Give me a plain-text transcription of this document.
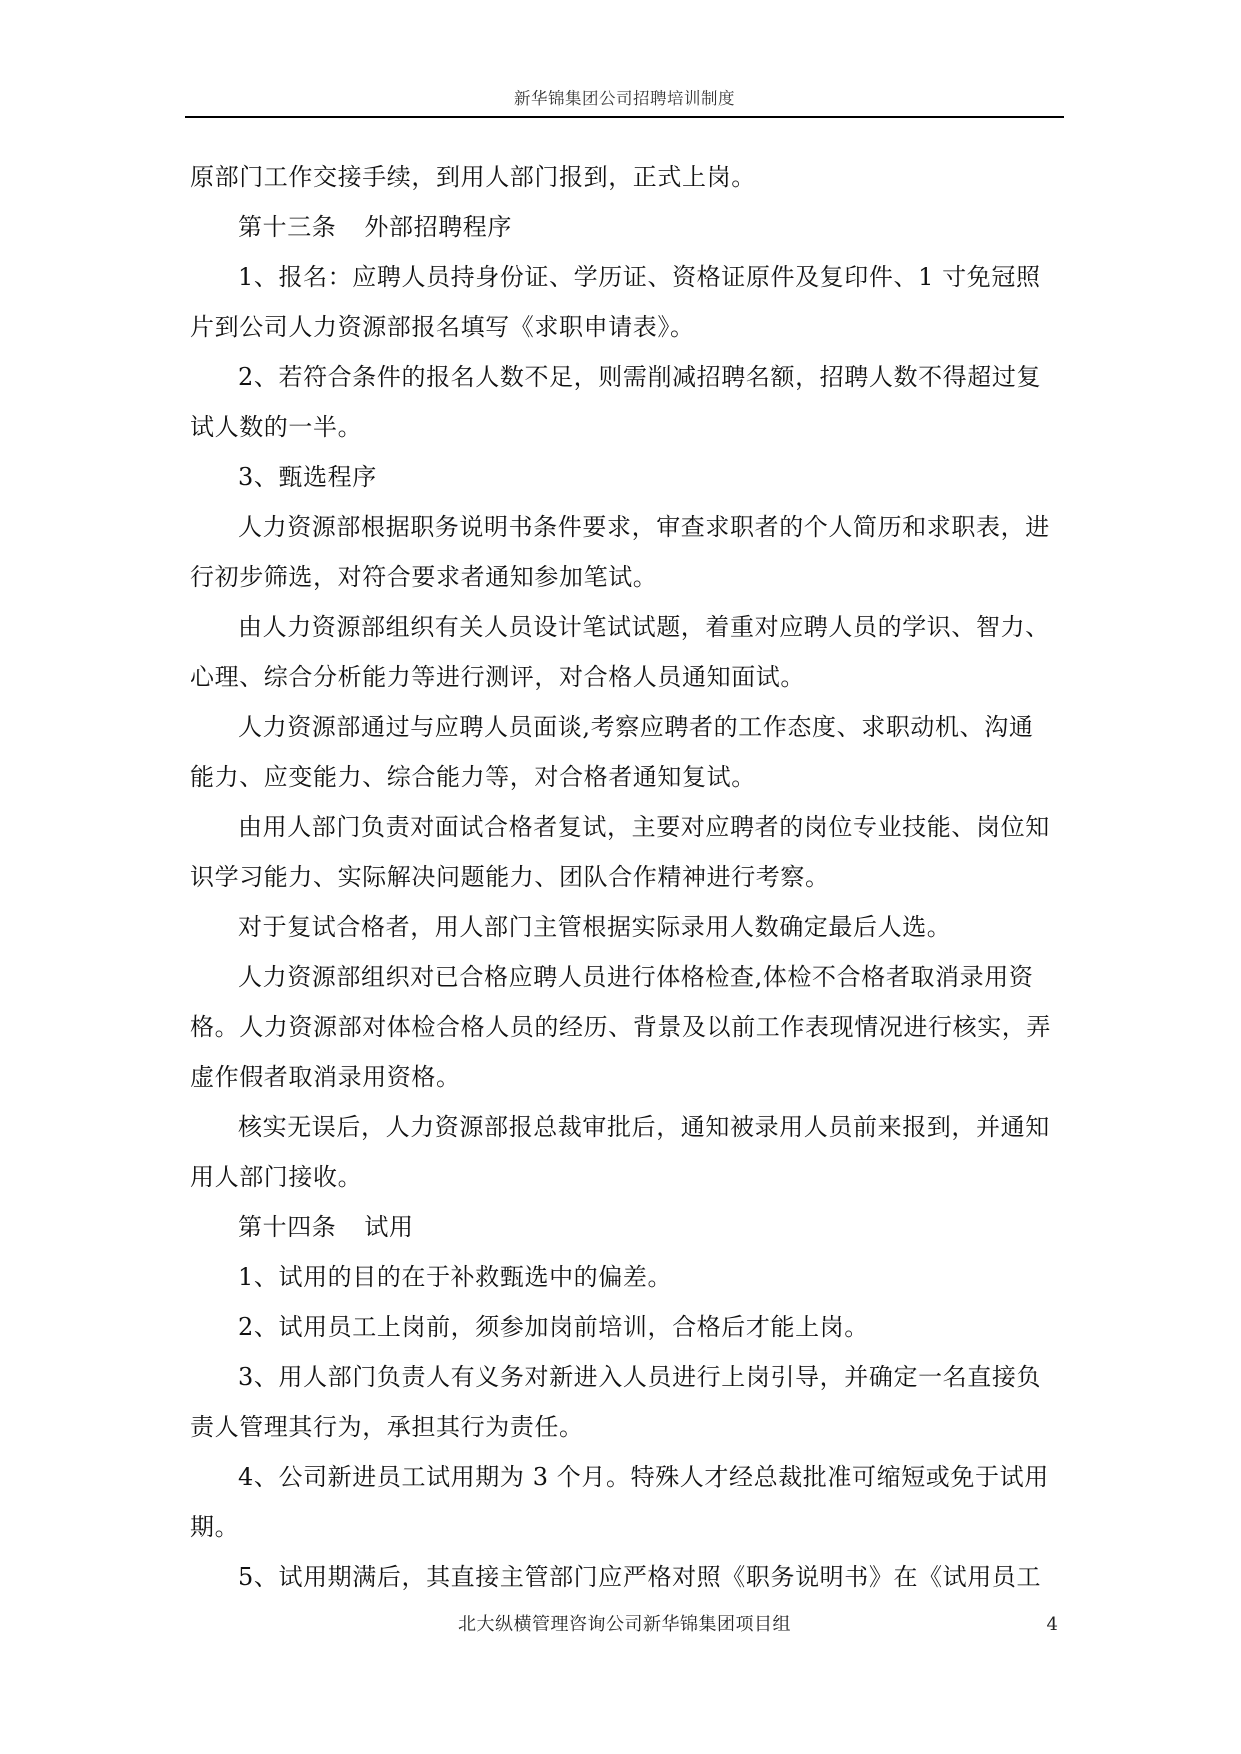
新华锦集团公司招聘培训制度
原部门工作交接手续，到用人部门报到，正式上岗。
第十三条 外部招聘程序
1、报名：应聘人员持身份证、学历证、资格证原件及复印件、1 寸免冠照
片到公司人力资源部报名填写《求职申请表》。
2、若符合条件的报名人数不足，则需削减招聘名额，招聘人数不得超过复
试人数的一半。
3、甄选程序
人力资源部根据职务说明书条件要求，审查求职者的个人简历和求职表，进
行初步筛选，对符合要求者通知参加笔试。
由人力资源部组织有关人员设计笔试试题，着重对应聘人员的学识、智力、
心理、综合分析能力等进行测评，对合格人员通知面试。
人力资源部通过与应聘人员面谈,考察应聘者的工作态度、求职动机、沟通
能力、应变能力、综合能力等，对合格者通知复试。
由用人部门负责对面试合格者复试，主要对应聘者的岗位专业技能、岗位知
识学习能力、实际解决问题能力、团队合作精神进行考察。
对于复试合格者，用人部门主管根据实际录用人数确定最后人选。
人力资源部组织对已合格应聘人员进行体格检查,体检不合格者取消录用资
格。人力资源部对体检合格人员的经历、背景及以前工作表现情况进行核实，弄
虚作假者取消录用资格。
核实无误后，人力资源部报总裁审批后，通知被录用人员前来报到，并通知
用人部门接收。
第十四条 试用
1、试用的目的在于补救甄选中的偏差。
2、试用员工上岗前，须参加岗前培训，合格后才能上岗。
3、用人部门负责人有义务对新进入人员进行上岗引导，并确定一名直接负
责人管理其行为，承担其行为责任。
4、公司新进员工试用期为 3 个月。特殊人才经总裁批准可缩短或免于试用
期。
5、试用期满后，其直接主管部门应严格对照《职务说明书》在《试用员工
北大纵横管理咨询公司新华锦集团项目组	4
